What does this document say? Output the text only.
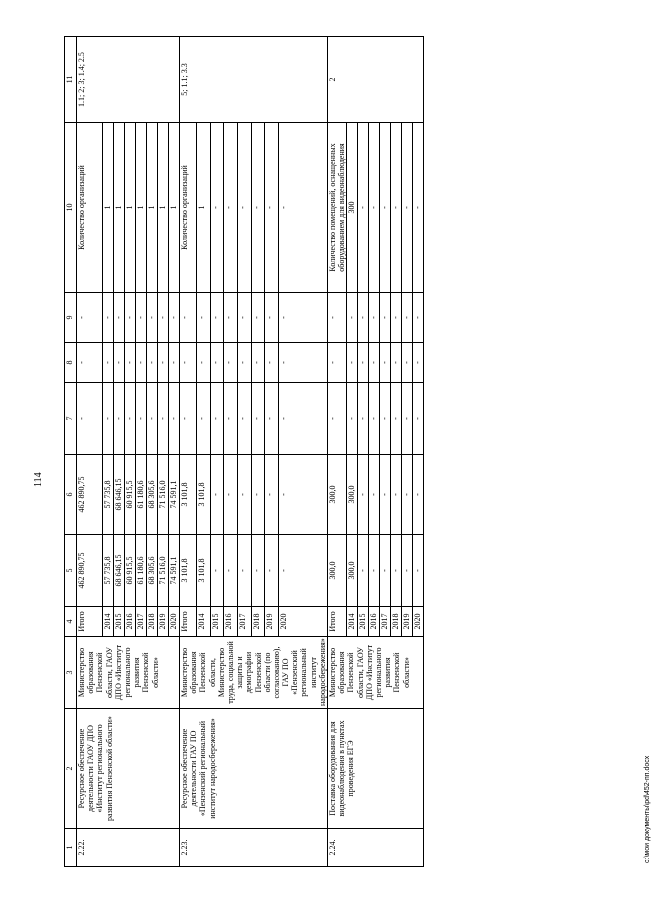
114
1	2	3	4	5	6	7	8	9	10	11
2.22.	Ресурсное обеспечение деятельности ГАОУ ДПО «Институт регионального развития Пензенской области»	Министерство образования Пензенской области, ГАОУ ДПО «Институт регионального развития Пензенской области»	Итого	462 890,75	462 890,75	-	-	-	Количество организаций	1.1; 2; 3; 1.4; 2.5
			2014	57 735,8	57 735,8	-	-	-	1	
			2015	68 646,15	68 646,15	-	-	-	1	
			2016	60 915,5	60 915,5	-	-	-	1	
			2017	61 180,6	61 180,6	-	-	-	1	
			2018	68 305,6	68 305,6	-	-	-	1	
			2019	71 516,0	71 516,0	-	-	-	1	
			2020	74 591,1	74 591,1	-	-	-	1	
2.23.	Ресурсное обеспечение деятельности ГАУ ПО «Пензенский региональный институт народосбережения»	Министерство образования Пензенской области, Министерство труда, социальной защиты и демографии Пензенской области (по согласованию), ГАУ ПО «Пензенский региональный институт народосбережения»	Итого	3 101,8	3 101,8	-	-	-	Количество организаций	5; 1.1; 3.3
			2014	3 101,8	3 101,8	-	-	-	1	
			2015	-	-	-	-	-	-	
			2016	-	-	-	-	-	-	
			2017	-	-	-	-	-	-	
			2018	-	-	-	-	-	-	
			2019	-	-	-	-	-	-	
			2020	-	-	-	-	-	-	
2.24.	Поставка оборудования для видеонаблюдения в пунктах проведения ЕГЭ	Министерство образования Пензенской области, ГАОУ ДПО «Институт регионального развития Пензенской области»	Итого	300,0	300,0	-	-	-	Количество помещений, оснащенных оборудованием для видеонаблюдения	2
			2014	300,0	300,0	-	-	-	300	
			2015	-	-	-	-	-	-	
			2016	-	-	-	-	-	-	
			2017	-	-	-	-	-	-	
			2018	-	-	-	-	-	-	
			2019	-	-	-	-	-	-	
			2020	-	-	-	-	-	-	
c:\мои документы\pd\452-пп.docx
